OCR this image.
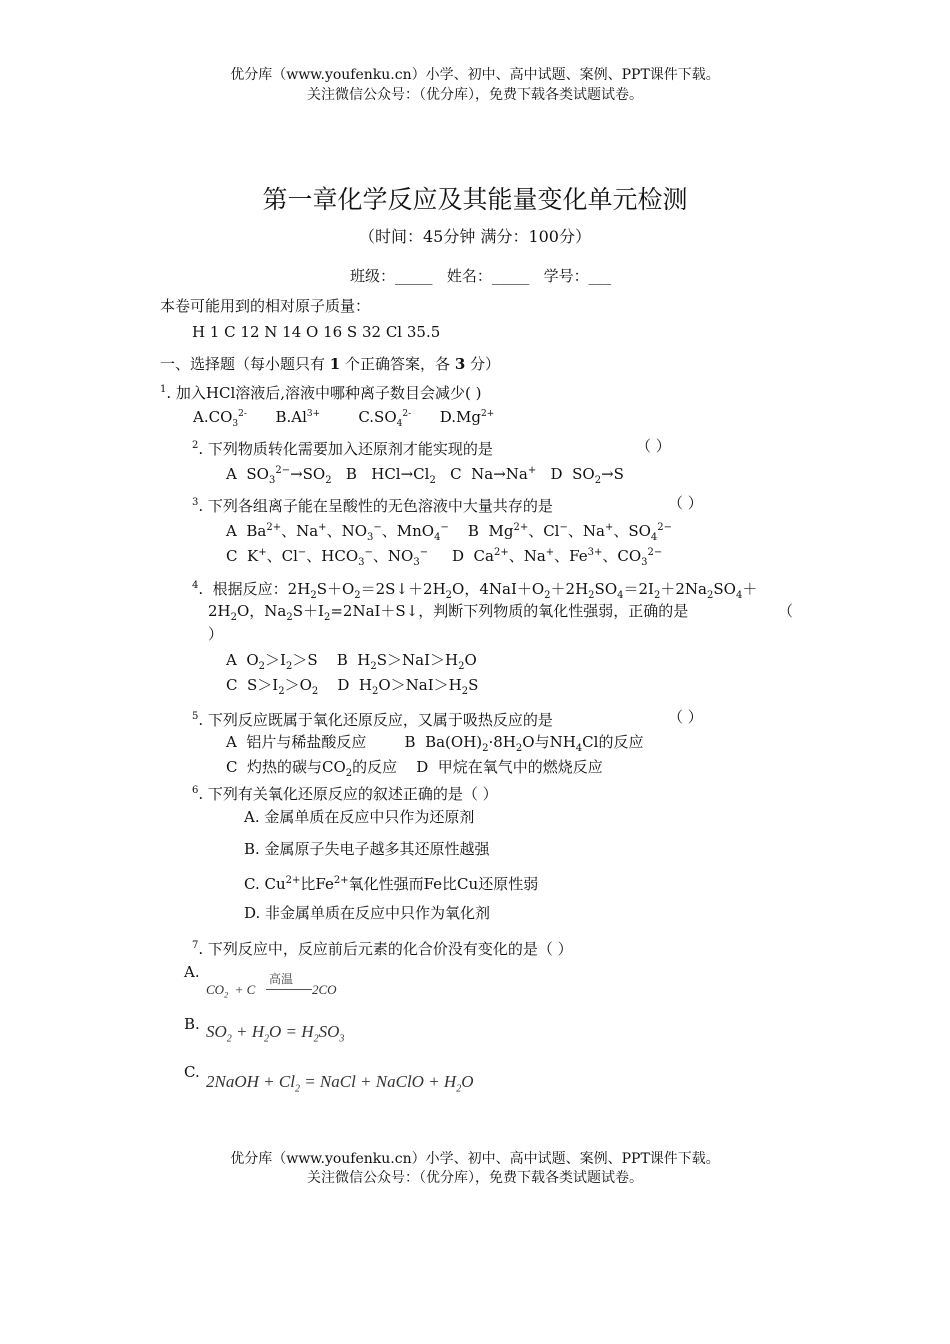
优分库（www.youfenku.cn）小学、初中、高中试题、案例、PPT课件下载。
关注微信公众号：（优分库），免费下载各类试题试卷。
第一章化学反应及其能量变化单元检测
（时间：45分钟 满分：100分）
班级：_____ 姓名：_____ 学号：___
本卷可能用到的相对原子质量：
H 1 C 12 N 14 O 16 S 32 Cl 35.5
一、选择题（每小题只有 1 个正确答案，各 3 分）
$^1$. 加入HCl溶液后,溶液中哪种离子数目会减少( )
$A.CO_3^{2-}$      $B.Al^{3+}$        $C.SO_4^{2-}$      $D.Mg^{2+}$
$^2$. 下列物质转化需要加入还原剂才能实现的是	（ ）
A  $SO_3^{2-}\to SO_2$   B   $HCl\to Cl_2$   C  Na→Na+   D  $SO_2\to S$
$^3$. 下列各组离子能在呈酸性的无色溶液中大量共存的是	（ ）
A  $Ba^{2+}$、Na+、$NO_3^-$、MnO$_4$−    B  $Mg^{2+}$、Cl−、Na+、$SO_4^{2-}$
C  K+、Cl−、$HCO_3^-$、$NO_3^-$     D  $Ca^{2+}$、Na+、$Fe^{3+}$、$CO_3^{2-}$
$^4$.  根据反应：$2H_2S+O_2=2S↓+2H_2O$，$4NaI+O_2+2H_2SO_4=2I_2+2Na_2SO_4+$
$2H_2O$，$Na_2S+I_2=2NaI+S↓$，判断下列物质的氧化性强弱，正确的是	（
）
A  $O_2>I_2>S$    B  $H_2S>NaI>H_2O$
C  $S>I_2>O_2$    D  $H_2O>NaI>H_2S$
$^5$. 下列反应既属于氧化还原反应，又属于吸热反应的是	（ ）
A  铝片与稀盐酸反应        B  $Ba(OH)_2\cdot 8H_2O$与$NH_4Cl$的反应
C  灼热的碳与$CO_2$的反应    D  甲烷在氧气中的燃烧反应
$^6$. 下列有关氧化还原反应的叙述正确的是（ ）
A. 金属单质在反应中只作为还原剂
B. 金属原子失电子越多其还原性越强
C. $Cu^{2+}$比$Fe^{2+}$氧化性强而Fe比Cu还原性弱
D. 非金属单质在反应中只作为氧化剂
$^7$. 下列反应中，反应前后元素的化合价没有变化的是（ ）
A.
$CO_2 + C$
高温
2CO
B. $SO_2 + H_2O = H_2SO_3$
C. 2NaOH + $Cl_2$ = NaCl + NaClO + $H_2O$
优分库（www.youfenku.cn）小学、初中、高中试题、案例、PPT课件下载。
关注微信公众号：（优分库），免费下载各类试题试卷。
